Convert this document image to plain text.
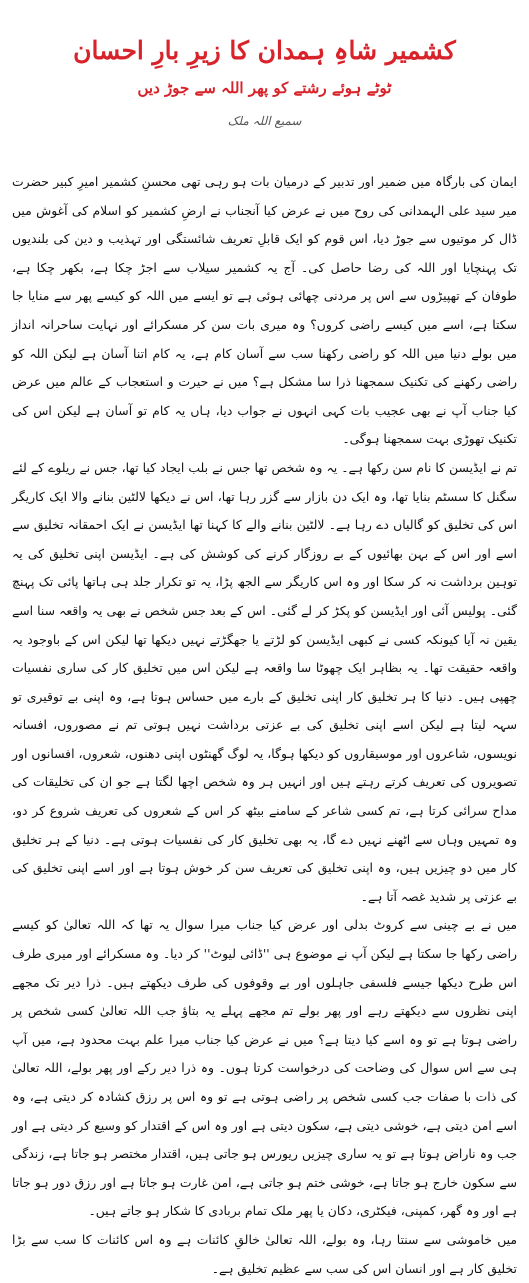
کشمیر شاہِ ہمدان کا زیرِ بارِ احسان
ٹوٹے ہوئے رشتے کو پھر اللہ سے جوڑ دیں
سمیع اللہ ملک

ایمان کی بارگاہ میں ضمیر اور تدبیر کے درمیان بات ہو رہی تھی محسنِ کشمیر امیرِ کبیر حضرت میر سید علی الہمدانی کی روح میں نے عرض کیا آنجناب نے ارضِ کشمیر کو اسلام کی آغوش میں ڈال کر موتیوں سے جوڑ دیا، اس قوم کو ایک قابلِ تعریف شائستگی اور تہذیب و دین کی بلندیوں تک پہنچایا اور اللہ کی رضا حاصل کی۔ آج یہ کشمیر سیلاب سے اجڑ چکا ہے، بکھر چکا ہے، طوفان کے تھپیڑوں سے اس پر مردنی چھائی ہوئی ہے تو ایسے میں اللہ کو کیسے پھر سے منایا جا سکتا ہے، اسے میں کیسے راضی کروں؟ وہ میری بات سن کر مسکرائے اور نہایت ساحرانہ انداز میں بولے دنیا میں اللہ کو راضی رکھنا سب سے آسان کام ہے، یہ کام اتنا آسان ہے لیکن اللہ کو راضی رکھنے کی تکنیک سمجھنا ذرا سا مشکل ہے؟ میں نے حیرت و استعجاب کے عالم میں عرض کیا جناب آپ نے بھی عجیب بات کہی انہوں نے جواب دیا، ہاں یہ کام تو آسان ہے لیکن اس کی تکنیک تھوڑی بہت سمجھنا ہوگی۔

تم نے ایڈیسن کا نام سن رکھا ہے۔ یہ وہ شخص تھا جس نے بلب ایجاد کیا تھا، جس نے ریلوے کے لئے سگنل کا سسٹم بنایا تھا، وہ ایک دن بازار سے گزر رہا تھا، اس نے دیکھا لالٹین بنانے والا ایک کاریگر اس کی تخلیق کو گالیاں دے رہا ہے۔ لالٹین بنانے والے کا کہنا تھا ایڈیسن نے ایک احمقانہ تخلیق سے اسے اور اس کے بہن بھائیوں کے بے روزگار کرنے کی کوشش کی ہے۔ ایڈیسن اپنی تخلیق کی یہ توہین برداشت نہ کر سکا اور وہ اس کاریگر سے الجھ پڑا، یہ تو تکرار جلد ہی ہاتھا پائی تک پہنچ گئی۔ پولیس آئی اور ایڈیسن کو پکڑ کر لے گئی۔ اس کے بعد جس شخص نے بھی یہ واقعہ سنا اسے یقین نہ آیا کیونکہ کسی نے کبھی ایڈیسن کو لڑتے یا جھگڑتے نہیں دیکھا تھا لیکن اس کے باوجود یہ واقعہ حقیقت تھا۔ یہ بظاہر ایک چھوٹا سا واقعہ ہے لیکن اس میں تخلیق کار کی ساری نفسیات چھپی ہیں۔ دنیا کا ہر تخلیق کار اپنی تخلیق کے بارے میں حساس ہوتا ہے، وہ اپنی بے توقیری تو سہہ لیتا ہے لیکن اسے اپنی تخلیق کی بے عزتی برداشت نہیں ہوتی تم نے مصوروں، افسانہ نویسوں، شاعروں اور موسیقاروں کو دیکھا ہوگا، یہ لوگ گھنٹوں اپنی دھنوں، شعروں، افسانوں اور تصویروں کی تعریف کرتے رہتے ہیں اور انہیں ہر وہ شخص اچھا لگتا ہے جو ان کی تخلیقات کی مداح سرائی کرتا ہے، تم کسی شاعر کے سامنے بیٹھ کر اس کے شعروں کی تعریف شروع کر دو، وہ تمہیں وہاں سے اٹھنے نہیں دے گا، یہ بھی تخلیق کار کی نفسیات ہوتی ہے۔ دنیا کے ہر تخلیق کار میں دو چیزیں ہیں، وہ اپنی تخلیق کی تعریف سن کر خوش ہوتا ہے اور اسے اپنی تخلیق کی بے عزتی پر شدید غصہ آتا ہے۔

میں نے بے چینی سے کروٹ بدلی اور عرض کیا جناب میرا سوال یہ تھا کہ اللہ تعالیٰ کو کیسے راضی رکھا جا سکتا ہے لیکن آپ نے موضوع ہی ''ڈائی لیوٹ'' کر دیا۔ وہ مسکرائے اور میری طرف اس طرح دیکھا جیسے فلسفی جاہلوں اور بے وقوفوں کی طرف دیکھتے ہیں۔ ذرا دیر تک مجھے اپنی نظروں سے دیکھتے رہے اور پھر بولے تم مجھے پہلے یہ بتاؤ جب اللہ تعالیٰ کسی شخص پر راضی ہوتا ہے تو وہ اسے کیا دیتا ہے؟ میں نے عرض کیا جناب میرا علم بہت محدود ہے، میں آپ ہی سے اس سوال کی وضاحت کی درخواست کرتا ہوں۔ وہ ذرا دیر رکے اور پھر بولے، اللہ تعالیٰ کی ذات با صفات جب کسی شخص پر راضی ہوتی ہے تو وہ اس پر رزق کشادہ کر دیتی ہے، وہ اسے امن دیتی ہے، خوشی دیتی ہے، سکون دیتی ہے اور وہ اس کے اقتدار کو وسیع کر دیتی ہے اور جب وہ ناراض ہوتا ہے تو یہ ساری چیزیں ریورس ہو جاتی ہیں، اقتدار مختصر ہو جاتا ہے، زندگی سے سکون خارج ہو جاتا ہے، خوشی ختم ہو جاتی ہے، امن غارت ہو جاتا ہے اور رزق دور ہو جاتا ہے اور وہ گھر، کمپنی، فیکٹری، دکان یا پھر ملک تمام بربادی کا شکار ہو جاتے ہیں۔

میں خاموشی سے سنتا رہا، وہ بولے، اللہ تعالیٰ خالقِ کائنات ہے وہ اس کائنات کا سب سے بڑا تخلیق کار ہے اور انسان اس کی سب سے عظیم تخلیق ہے۔
